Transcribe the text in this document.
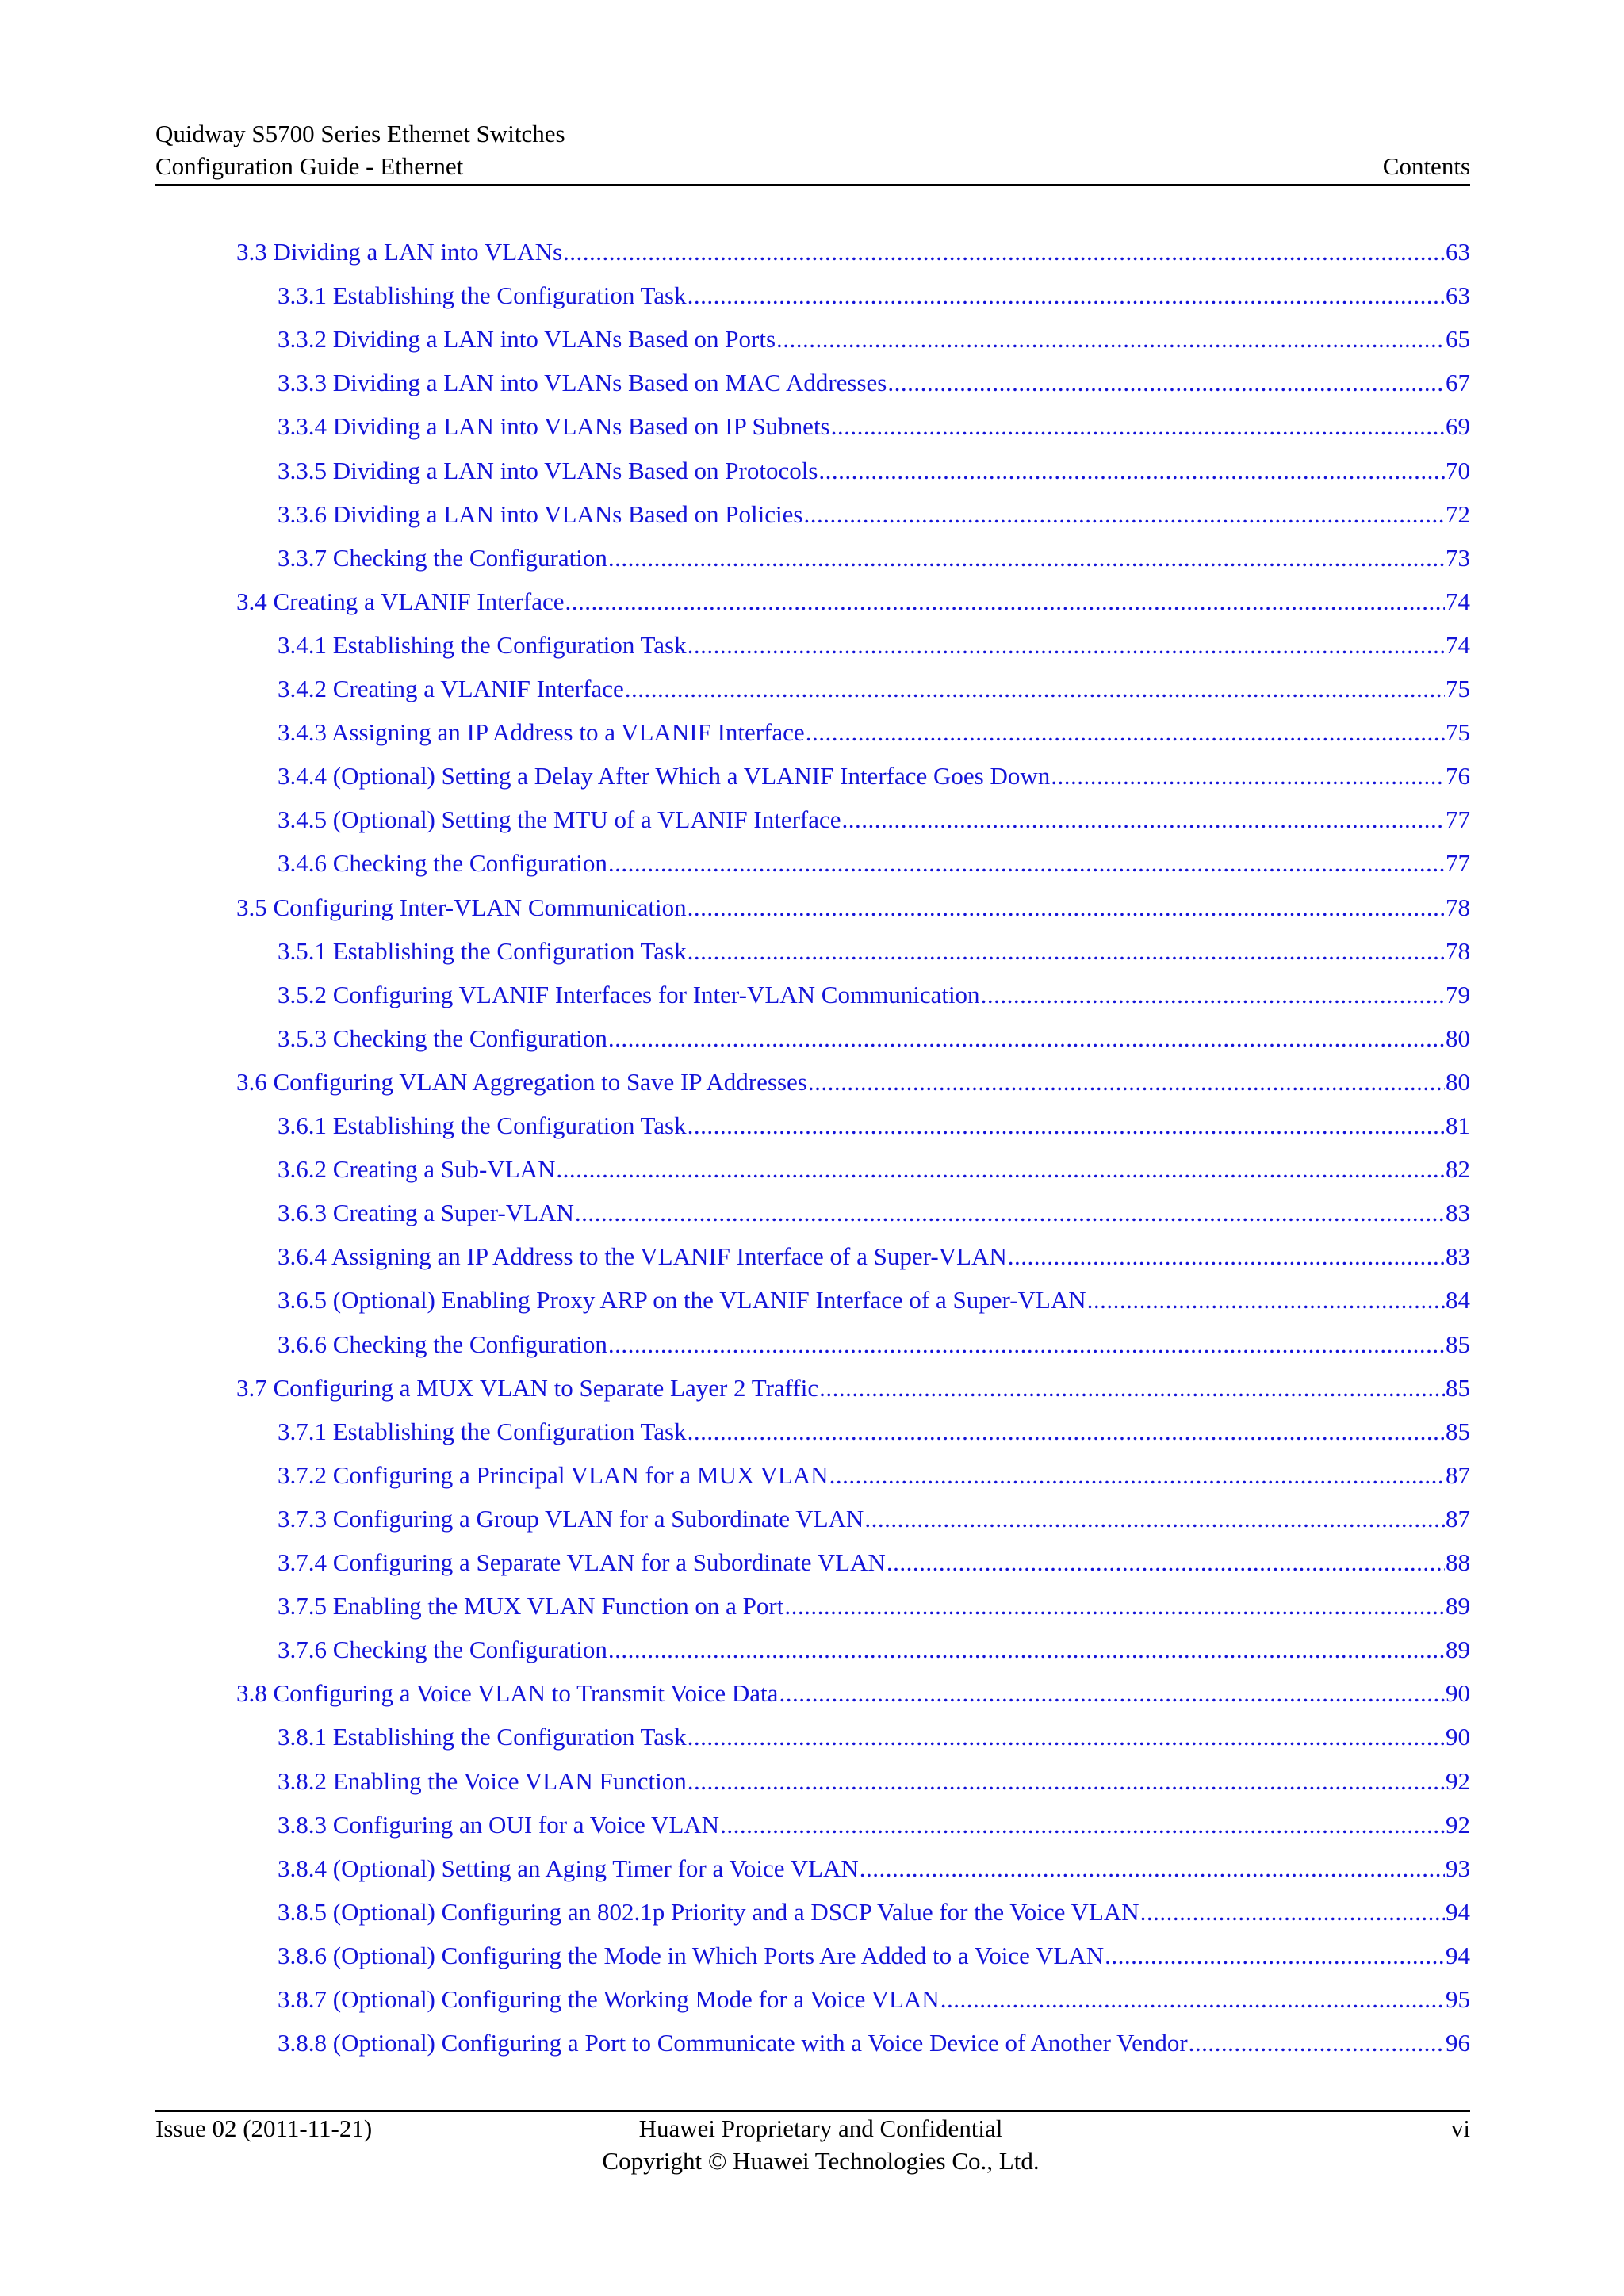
Quidway S5700 Series Ethernet Switches
Configuration Guide - Ethernet	Contents
3.3 Dividing a LAN into VLANs .....	63
3.3.1 Establishing the Configuration Task .....	63
3.3.2 Dividing a LAN into VLANs Based on Ports .....	65
3.3.3 Dividing a LAN into VLANs Based on MAC Addresses .....	67
3.3.4 Dividing a LAN into VLANs Based on IP Subnets .....	69
3.3.5 Dividing a LAN into VLANs Based on Protocols .....	70
3.3.6 Dividing a LAN into VLANs Based on Policies .....	72
3.3.7 Checking the Configuration .....	73
3.4 Creating a VLANIF Interface .....	74
3.4.1 Establishing the Configuration Task .....	74
3.4.2 Creating a VLANIF Interface .....	75
3.4.3 Assigning an IP Address to a VLANIF Interface .....	75
3.4.4 (Optional) Setting a Delay After Which a VLANIF Interface Goes Down .....	76
3.4.5 (Optional) Setting the MTU of a VLANIF Interface .....	77
3.4.6 Checking the Configuration .....	77
3.5 Configuring Inter-VLAN Communication .....	78
3.5.1 Establishing the Configuration Task .....	78
3.5.2 Configuring VLANIF Interfaces for Inter-VLAN Communication .....	79
3.5.3 Checking the Configuration .....	80
3.6 Configuring VLAN Aggregation to Save IP Addresses .....	80
3.6.1 Establishing the Configuration Task .....	81
3.6.2 Creating a Sub-VLAN .....	82
3.6.3 Creating a Super-VLAN .....	83
3.6.4 Assigning an IP Address to the VLANIF Interface of a Super-VLAN .....	83
3.6.5 (Optional) Enabling Proxy ARP on the VLANIF Interface of a Super-VLAN .....	84
3.6.6 Checking the Configuration .....	85
3.7 Configuring a MUX VLAN to Separate Layer 2 Traffic .....	85
3.7.1 Establishing the Configuration Task .....	85
3.7.2 Configuring a Principal VLAN for a MUX VLAN .....	87
3.7.3 Configuring a Group VLAN for a Subordinate VLAN .....	87
3.7.4 Configuring a Separate VLAN for a Subordinate VLAN .....	88
3.7.5 Enabling the MUX VLAN Function on a Port .....	89
3.7.6 Checking the Configuration .....	89
3.8 Configuring a Voice VLAN to Transmit Voice Data .....	90
3.8.1 Establishing the Configuration Task .....	90
3.8.2 Enabling the Voice VLAN Function .....	92
3.8.3 Configuring an OUI for a Voice VLAN .....	92
3.8.4 (Optional) Setting an Aging Timer for a Voice VLAN .....	93
3.8.5 (Optional) Configuring an 802.1p Priority and a DSCP Value for the Voice VLAN .....	94
3.8.6 (Optional) Configuring the Mode in Which Ports Are Added to a Voice VLAN .....	94
3.8.7 (Optional) Configuring the Working Mode for a Voice VLAN .....	95
3.8.8 (Optional) Configuring a Port to Communicate with a Voice Device of Another Vendor .....	96
Issue 02 (2011-11-21)	Huawei Proprietary and Confidential
Copyright © Huawei Technologies Co., Ltd.
vi
